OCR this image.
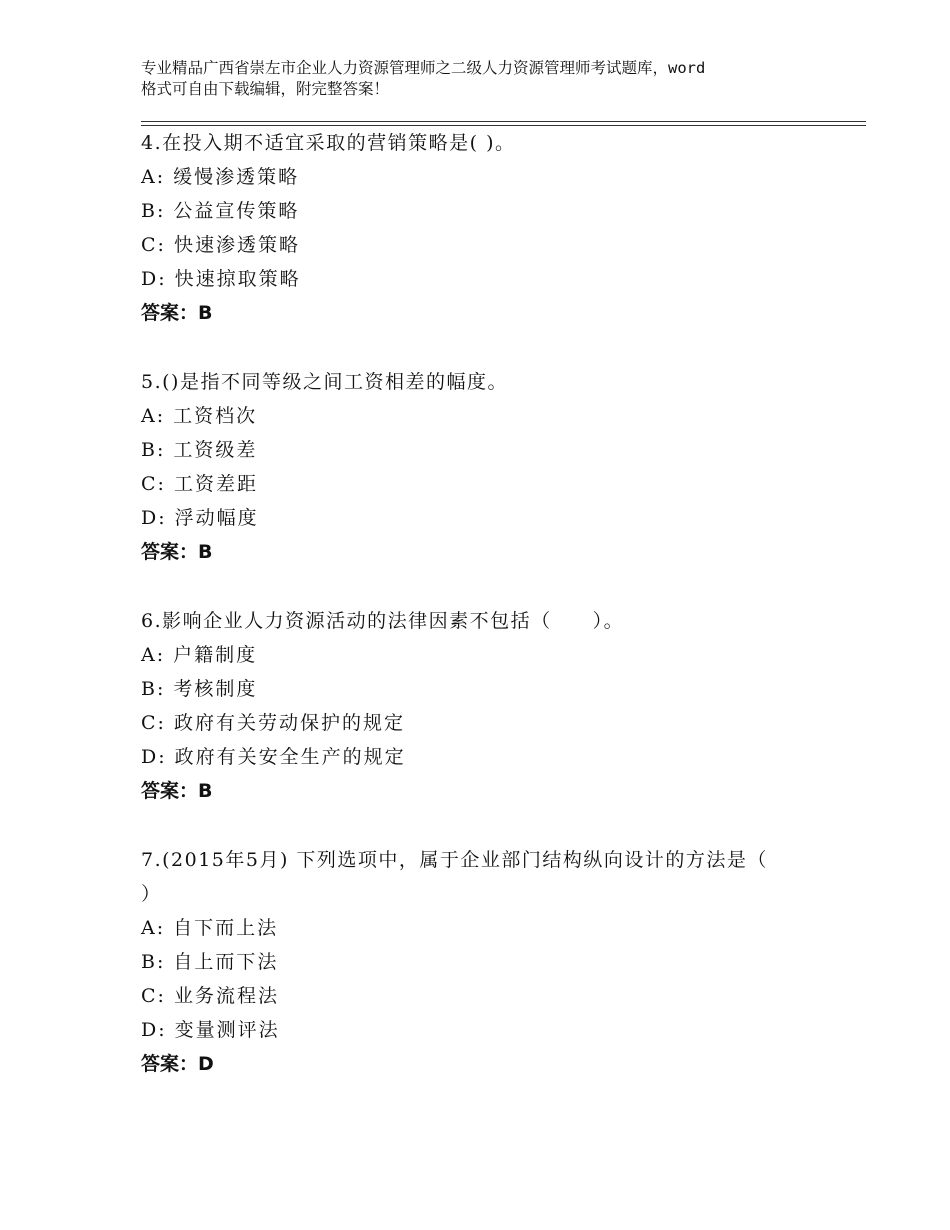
专业精品广西省崇左市企业人力资源管理师之二级人力资源管理师考试题库，word
格式可自由下载编辑，附完整答案！
4.在投入期不适宜采取的营销策略是( )。
A: 缓慢渗透策略
B: 公益宣传策略
C: 快速渗透策略
D: 快速掠取策略
答案：B
5.()是指不同等级之间工资相差的幅度。
A: 工资档次
B: 工资级差
C: 工资差距
D: 浮动幅度
答案：B
6.影响企业人力资源活动的法律因素不包括（　　）。
A: 户籍制度
B: 考核制度
C: 政府有关劳动保护的规定
D: 政府有关安全生产的规定
答案：B
7.(2015年5月) 下列选项中，属于企业部门结构纵向设计的方法是（
）
A: 自下而上法
B: 自上而下法
C: 业务流程法
D: 变量测评法
答案：D
